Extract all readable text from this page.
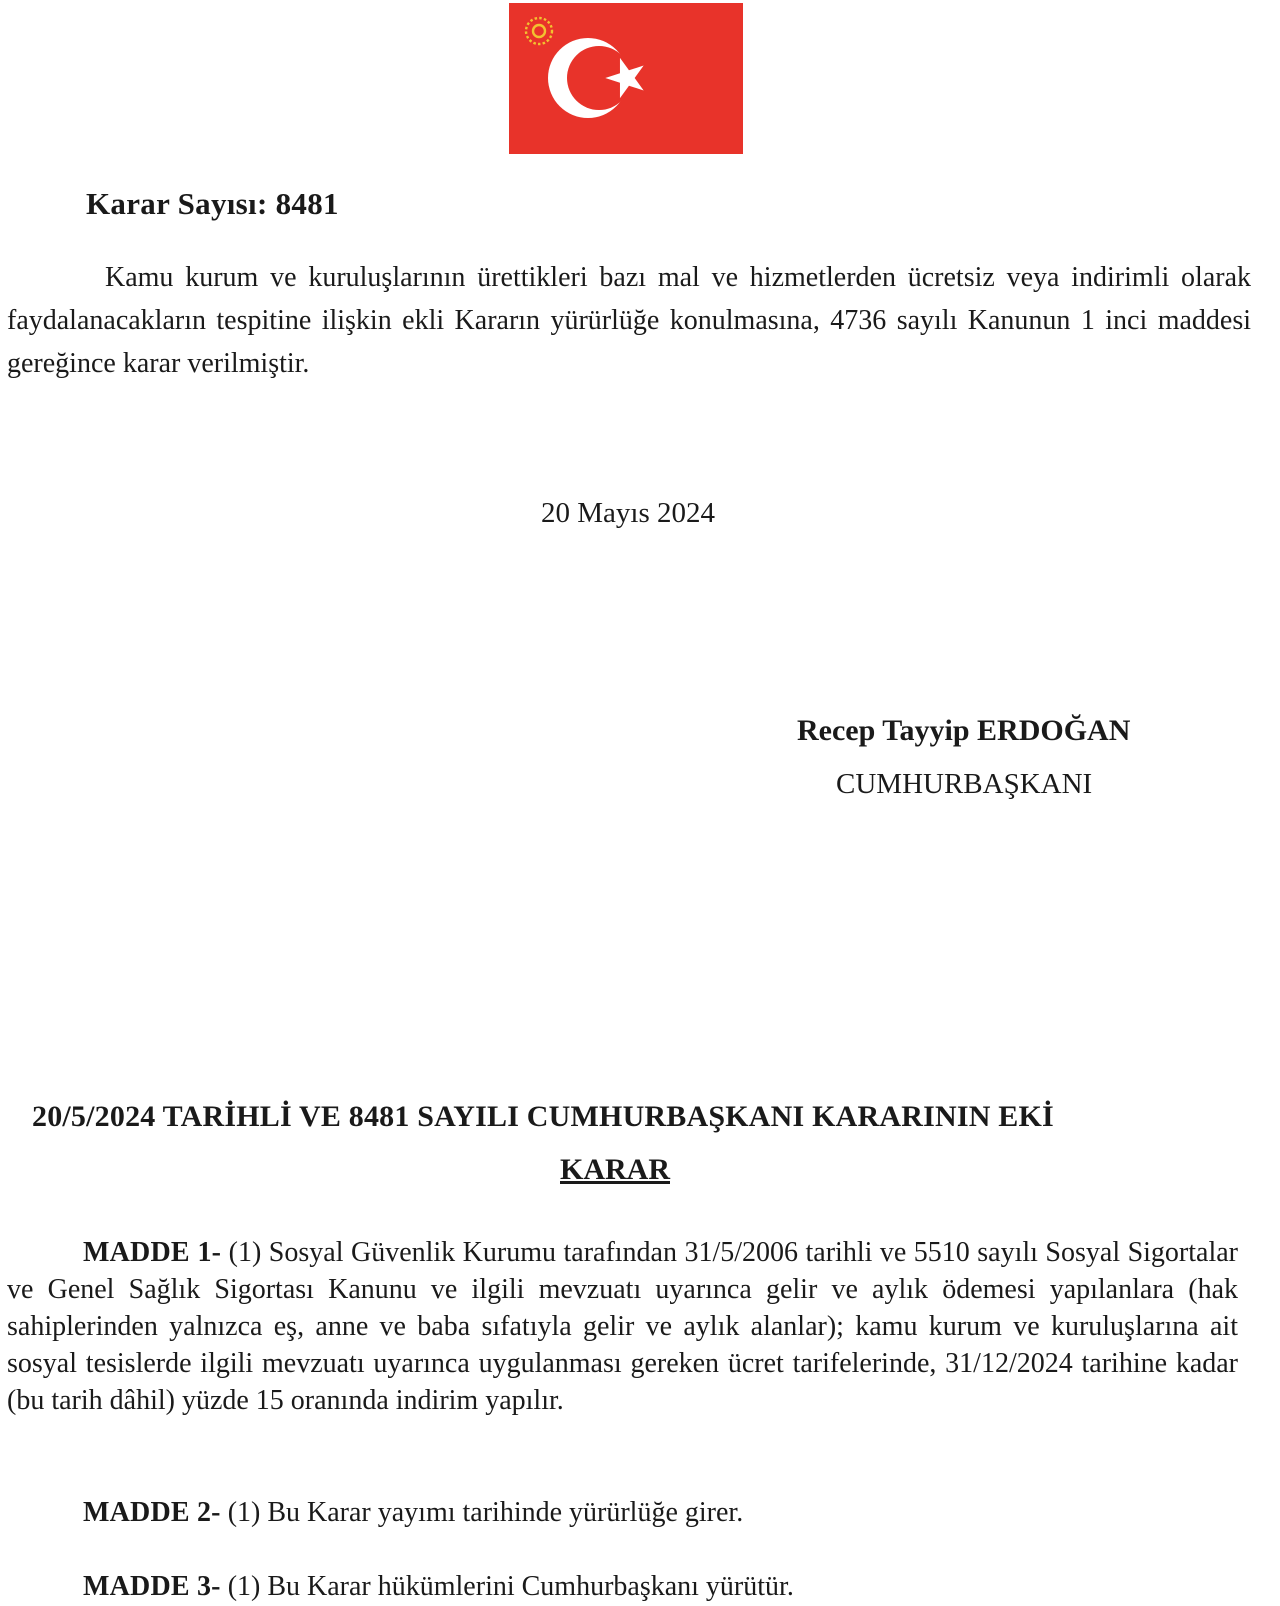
Karar Sayısı: 8481

Kamu kurum ve kuruluşlarının ürettikleri bazı mal ve hizmetlerden ücretsiz veya indirimli olarak faydalanacakların tespitine ilişkin ekli Kararın yürürlüğe konulmasına, 4736 sayılı Kanunun 1 inci maddesi gereğince karar verilmiştir.

20 Mayıs 2024
Recep Tayyip ERDOĞAN
CUMHURBAŞKANI
20/5/2024 TARİHLİ VE 8481 SAYILI CUMHURBAŞKANI KARARININ EKİ
KARAR

MADDE 1- (1) Sosyal Güvenlik Kurumu tarafından 31/5/2006 tarihli ve 5510 sayılı Sosyal Sigortalar ve Genel Sağlık Sigortası Kanunu ve ilgili mevzuatı uyarınca gelir ve aylık ödemesi yapılanlara (hak sahiplerinden yalnızca eş, anne ve baba sıfatıyla gelir ve aylık alanlar); kamu kurum ve kuruluşlarına ait sosyal tesislerde ilgili mevzuatı uyarınca uygulanması gereken ücret tarifelerinde, 31/12/2024 tarihine kadar (bu tarih dâhil) yüzde 15 oranında indirim yapılır.

MADDE 2- (1) Bu Karar yayımı tarihinde yürürlüğe girer.

MADDE 3- (1) Bu Karar hükümlerini Cumhurbaşkanı yürütür.
